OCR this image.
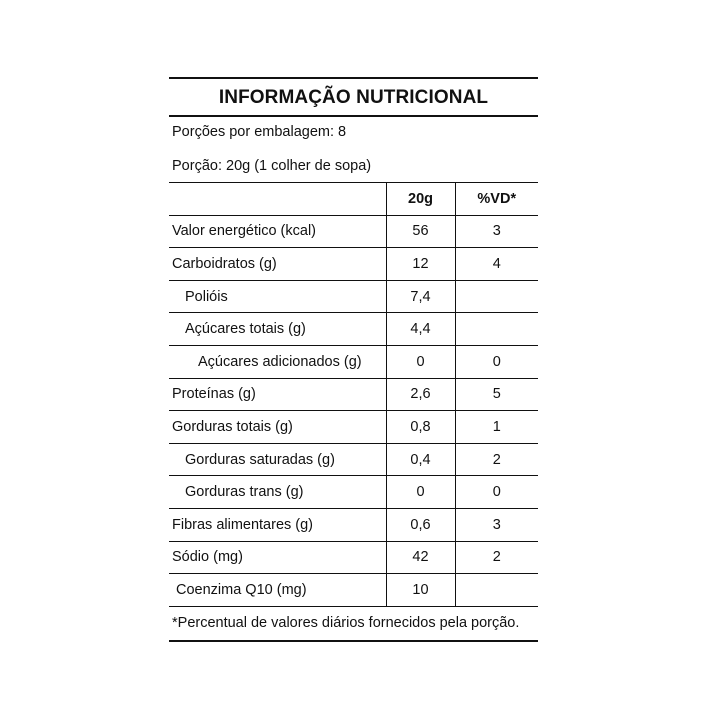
INFORMAÇÃO NUTRICIONAL
Porções por embalagem: 8
Porção: 20g (1 colher de sopa)
	20g	%VD*
Valor energético (kcal)	56	3
Carboidratos (g)	12	4
Polióis	7,4	
Açúcares totais (g)	4,4	
Açúcares adicionados (g)	0	0
Proteínas (g)	2,6	5
Gorduras totais (g)	0,8	1
Gorduras saturadas (g)	0,4	2
Gorduras trans (g)	0	0
Fibras alimentares (g)	0,6	3
Sódio (mg)	42	2
Coenzima Q10 (mg)	10	
*Percentual de valores diários fornecidos pela porção.
